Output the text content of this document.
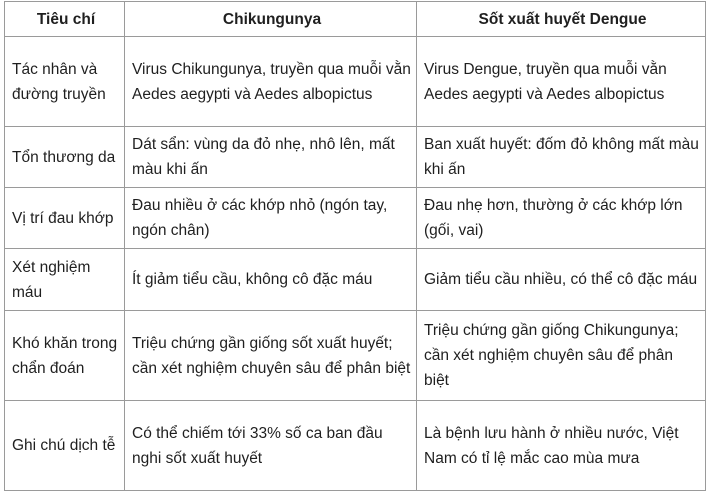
Tiêu chí	Chikungunya	Sốt xuất huyết Dengue
Tác nhân và đường truyền	Virus Chikungunya, truyền qua muỗi vằn Aedes aegypti và Aedes albopictus	Virus Dengue, truyền qua muỗi vằn Aedes aegypti và Aedes albopictus
Tổn thương da	Dát sẩn: vùng da đỏ nhẹ, nhô lên, mất màu khi ấn	Ban xuất huyết: đốm đỏ không mất màu khi ấn
Vị trí đau khớp	Đau nhiều ở các khớp nhỏ (ngón tay, ngón chân)	Đau nhẹ hơn, thường ở các khớp lớn (gối, vai)
Xét nghiệm máu	Ít giảm tiểu cầu, không cô đặc máu	Giảm tiểu cầu nhiều, có thể cô đặc máu
Khó khăn trong chẩn đoán	Triệu chứng gần giống sốt xuất huyết; cần xét nghiệm chuyên sâu để phân biệt	Triệu chứng gần giống Chikungunya; cần xét nghiệm chuyên sâu để phân biệt
Ghi chú dịch tễ	Có thể chiếm tới 33% số ca ban đầu nghi sốt xuất huyết	Là bệnh lưu hành ở nhiều nước, Việt Nam có tỉ lệ mắc cao mùa mưa
